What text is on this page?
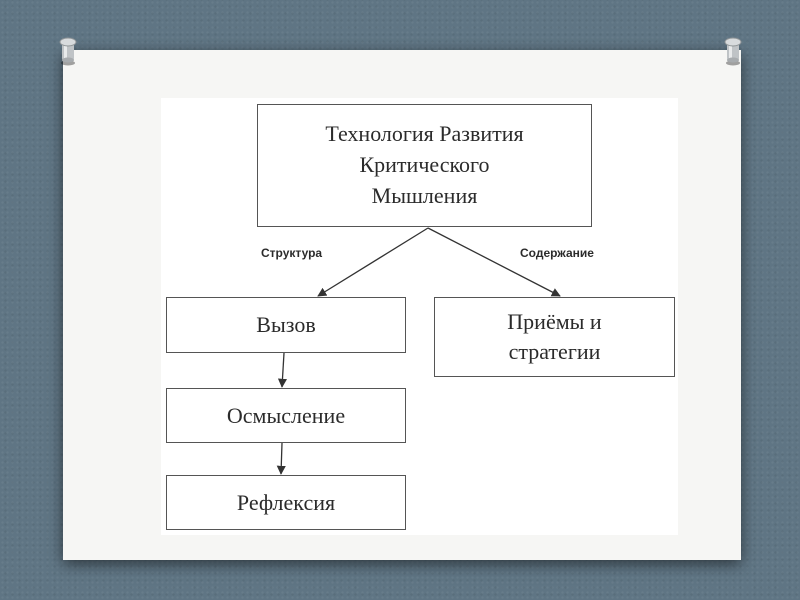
Технология Развития
Критического
Мышления
Структура	Содержание
Вызов
Осмысление
Рефлексия
Приёмы и
стратегии
